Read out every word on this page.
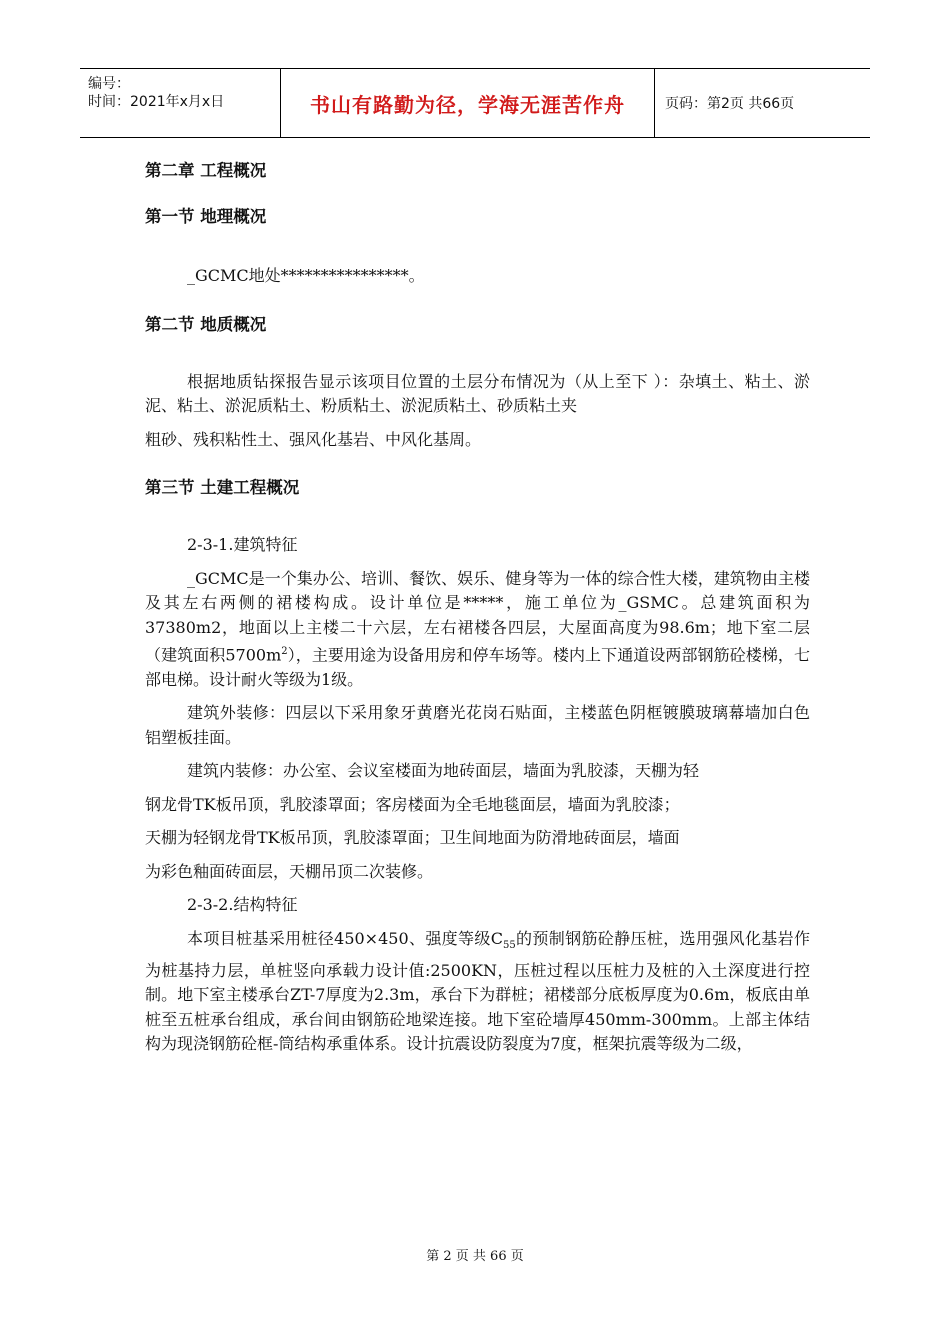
编号：
时间：2021年x月x日	书山有路勤为径，学海无涯苦作舟	页码：第2页 共66页
第二章 工程概况
第一节 地理概况

_GCMC地处****************。

第二节 地质概况

根据地质钻探报告显示该项目位置的土层分布情况为（从上至下 ）：杂填土、粘土、淤泥、粘土、淤泥质粘土、粉质粘土、淤泥质粘土、砂质粘土夹

粗砂、残积粘性土、强风化基岩、中风化基周。

第三节 土建工程概况

2-3-1.建筑特征

_GCMC是一个集办公、培训、餐饮、娱乐、健身等为一体的综合性大楼，建筑物由主楼及其左右两侧的裙楼构成。设计单位是*****，施工单位为_GSMC。总建筑面积为37380m2，地面以上主楼二十六层，左右裙楼各四层，大屋面高度为98.6m；地下室二层（建筑面积$5700m^2$），主要用途为设备用房和停车场等。楼内上下通道设两部钢筋砼楼梯，七部电梯。设计耐火等级为1级。

建筑外装修：四层以下采用象牙黄磨光花岗石贴面，主楼蓝色阴框镀膜玻璃幕墙加白色铝塑板挂面。

建筑内装修：办公室、会议室楼面为地砖面层，墙面为乳胶漆，天棚为轻

钢龙骨TK板吊顶，乳胶漆罩面；客房楼面为全毛地毯面层，墙面为乳胶漆；

天棚为轻钢龙骨TK板吊顶，乳胶漆罩面；卫生间地面为防滑地砖面层，墙面

为彩色釉面砖面层，天棚吊顶二次装修。

2-3-2.结构特征

本项目桩基采用桩径450×450、强度等级$C_{55}$的预制钢筋砼静压桩，选用强风化基岩作为桩基持力层，单桩竖向承载力设计值:2500KN，压桩过程以压桩力及桩的入土深度进行控制。地下室主楼承台ZT-7厚度为2.3m，承台下为群桩；裙楼部分底板厚度为0.6m，板底由单桩至五桩承台组成，承台间由钢筋砼地梁连接。地下室砼墙厚450mm-300mm。上部主体结构为现浇钢筋砼框-筒结构承重体系。设计抗震设防裂度为7度，框架抗震等级为二级，

第 2 页 共 66 页
